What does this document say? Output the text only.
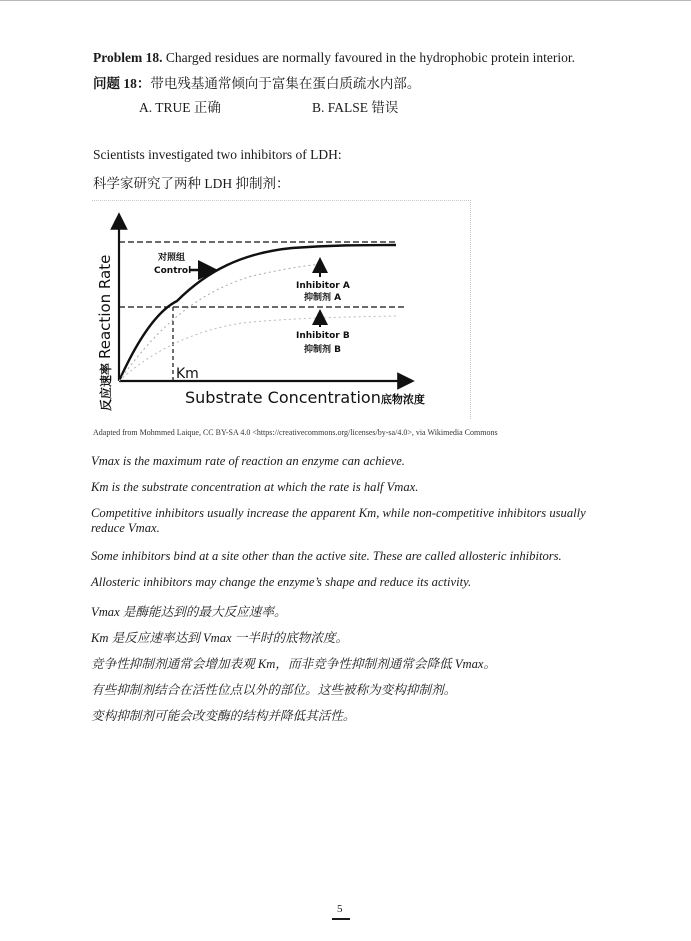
Problem 18. Charged residues are normally favoured in the hydrophobic protein interior.
问题 18：带电残基通常倾向于富集在蛋白质疏水内部。
A. TRUE 正确	B. FALSE 错误
Scientists investigated two inhibitors of LDH:
科学家研究了两种 LDH 抑制剂：
对照组
Control
Inhibitor A
抑制剂 A
Inhibitor B
抑制剂 B
Km
Substrate Concentration底物浓度
反应速率Reaction Rate
Adapted from Mohmmed Laique, CC BY-SA 4.0 <https://creativecommons.org/licenses/by-sa/4.0>, via Wikimedia Commons
Vmax is the maximum rate of reaction an enzyme can achieve.
Km is the substrate concentration at which the rate is half Vmax.
Competitive inhibitors usually increase the apparent Km, while non-competitive inhibitors usually reduce Vmax.
Some inhibitors bind at a site other than the active site. These are called allosteric inhibitors.
Allosteric inhibitors may change the enzyme’s shape and reduce its activity.
Vmax 是酶能达到的最大反应速率。
Km 是反应速率达到 Vmax 一半时的底物浓度。
竞争性抑制剂通常会增加表观 Km，而非竞争性抑制剂通常会降低 Vmax。
有些抑制剂结合在活性位点以外的部位。这些被称为变构抑制剂。
变构抑制剂可能会改变酶的结构并降低其活性。
5
